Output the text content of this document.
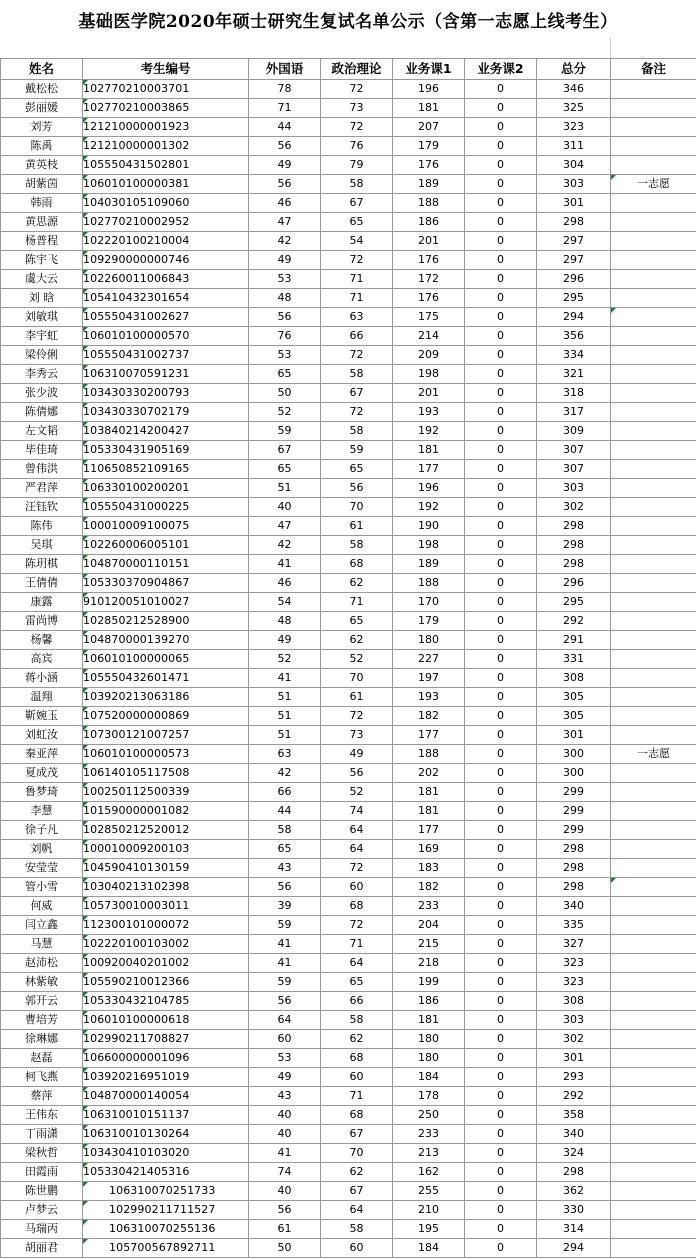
基础医学院2020年硕士研究生复试名单公示（含第一志愿上线考生）
姓名	考生编号	外国语	政治理论	业务课1	业务课2	总分	备注
戴松松	102770210003701	78	72	196	0	346	
彭丽媛	102770210003865	71	73	181	0	325	
刘芳	121210000001923	44	72	207	0	323	
陈禹	121210000001302	56	76	179	0	311	
黄英枝	105550431502801	49	79	176	0	304	
胡紫茵	106010100000381	56	58	189	0	303	一志愿

韩雨	104030105109060	46	67	188	0	301	
黄思源	102770210002952	47	65	186	0	298	
杨普程	102220100210004	42	54	201	0	297	
陈宇飞	109290000000746	49	72	176	0	297	
虞大云	102260011006843	53	71	172	0	296	
刘 晗	105410432301654	48	71	176	0	295	
刘敏琪	105550431002627	56	63	175	0	294	

李宇虹	106010100000570	76	66	214	0	356	
梁伶俐	105550431002737	53	72	209	0	334	
李秀云	106310070591231	65	58	198	0	321	
张少波	103430330200793	50	67	201	0	318	
陈倩娜	103430330702179	52	72	193	0	317	
左文韬	103840214200427	59	58	192	0	309	
毕佳琦	105330431905169	67	59	181	0	307	
曾伟洪	110650852109165	65	65	177	0	307	
严君萍	106330100200201	51	56	196	0	303	
汪钰钦	105550431000225	40	70	192	0	302	
陈伟	100010009100075	47	61	190	0	298	
吴琪	102260006005101	42	58	198	0	298	
陈玥棋	104870000110151	41	68	189	0	298	
王倩倩	105330370904867	46	62	188	0	296	
康露	910120051010027	54	71	170	0	295	
雷尚博	102850212528900	48	65	179	0	292	
杨馨	104870000139270	49	62	180	0	291	
高宾	106010100000065	52	52	227	0	331	
蒋小涵	105550432601471	41	70	197	0	308	
温翔	103920213063186	51	61	193	0	305	
靳婉玉	107520000000869	51	72	182	0	305	
刘虹汝	107300121007257	51	73	177	0	301	
秦亚萍	106010100000573	63	49	188	0	300	一志愿
夏成茂	106140105117508	42	56	202	0	300	
鲁梦琦	100250112500339	66	52	181	0	299	
李慧	101590000001082	44	74	181	0	299	
徐子凡	102850212520012	58	64	177	0	299	
刘帆	100010009200103	65	64	169	0	298	
安莹莹	104590410130159	43	72	183	0	298	
管小雪	103040213102398	56	60	182	0	298	

何威	105730010003011	39	68	233	0	340	
闫立鑫	112300101000072	59	72	204	0	335	
马慧	102220100103002	41	71	215	0	327	
赵沛松	100920040201002	41	64	218	0	323	
林紫敏	105590210012366	59	65	199	0	323	
郭开云	105330432104785	56	66	186	0	308	
曹培芳	106010100000618	64	58	181	0	303	
徐琳娜	102990211708827	60	62	180	0	302	
赵磊	106600000001096	53	68	180	0	301	
柯飞燕	103920216951019	49	60	184	0	293	
蔡萍	104870000140054	43	71	178	0	292	
王伟东	106310010151137	40	68	250	0	358	
丁雨潇	106310010130264	40	67	233	0	340	
梁秋哲	103430410103020	41	70	213	0	324	
田霞雨	105330421405316	74	62	162	0	298	
陈世鹏	106310070251733	40	67	255	0	362	
卢梦云	102990211711527	56	64	210	0	330	
马瑞丙	106310070255136	61	58	195	0	314	
胡丽君	105700567892711	50	60	184	0	294	
